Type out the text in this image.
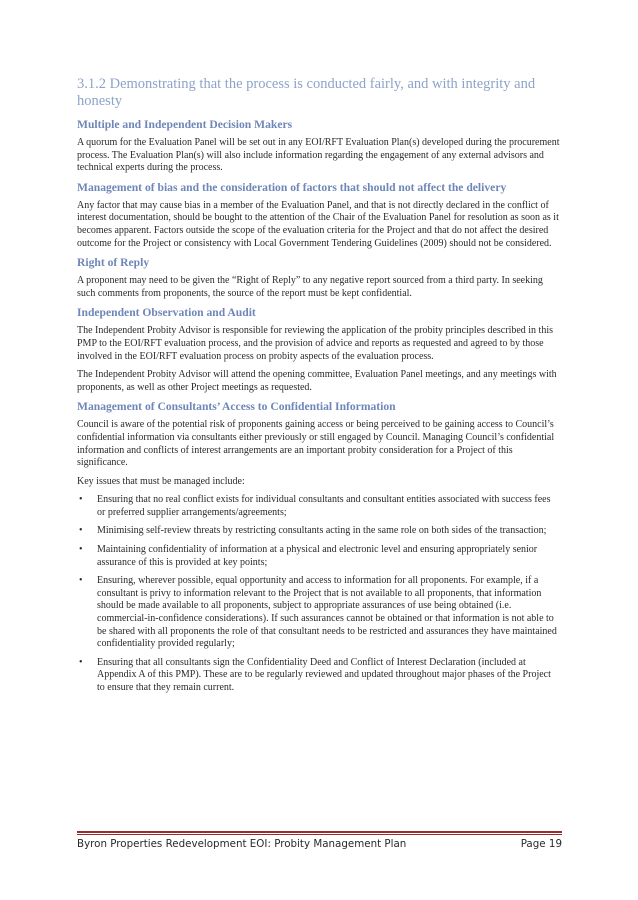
3.1.2 Demonstrating that the process is conducted fairly, and with integrity and honesty
Multiple and Independent Decision Makers

A quorum for the Evaluation Panel will be set out in any EOI/RFT Evaluation Plan(s) developed during the procurement process. The Evaluation Plan(s) will also include information regarding the engagement of any external advisors and technical experts during the process.

Management of bias and the consideration of factors that should not affect the delivery

Any factor that may cause bias in a member of the Evaluation Panel, and that is not directly declared in the conflict of interest documentation, should be bought to the attention of the Chair of the Evaluation Panel for resolution as soon as it becomes apparent. Factors outside the scope of the evaluation criteria for the Project and that do not affect the desired outcome for the Project or consistency with Local Government Tendering Guidelines (2009) should not be considered.

Right of Reply

A proponent may need to be given the “Right of Reply” to any negative report sourced from a third party. In seeking such comments from proponents, the source of the report must be kept confidential.

Independent Observation and Audit

The Independent Probity Advisor is responsible for reviewing the application of the probity principles described in this PMP to the EOI/RFT evaluation process, and the provision of advice and reports as requested and agreed to by those involved in the EOI/RFT evaluation process on probity aspects of the evaluation process.

The Independent Probity Advisor will attend the opening committee, Evaluation Panel meetings, and any meetings with proponents, as well as other Project meetings as requested.

Management of Consultants’ Access to Confidential Information

Council is aware of the potential risk of proponents gaining access or being perceived to be gaining access to Council’s confidential information via consultants either previously or still engaged by Council. Managing Council’s confidential information and conflicts of interest arrangements are an important probity consideration for a Project of this significance.

Key issues that must be managed include:

• Ensuring that no real conflict exists for individual consultants and consultant entities associated with success fees or preferred supplier arrangements/agreements;
• Minimising self-review threats by restricting consultants acting in the same role on both sides of the transaction;
• Maintaining confidentiality of information at a physical and electronic level and ensuring appropriately senior assurance of this is provided at key points;
• Ensuring, wherever possible, equal opportunity and access to information for all proponents. For example, if a consultant is privy to information relevant to the Project that is not available to all proponents, that information should be made available to all proponents, subject to appropriate assurances of use being obtained (i.e. commercial-in-confidence considerations). If such assurances cannot be obtained or that information is not able to be shared with all proponents the role of that consultant needs to be restricted and assurances they have maintained confidentiality provided regularly;
• Ensuring that all consultants sign the Confidentiality Deed and Conflict of Interest Declaration (included at Appendix A of this PMP). These are to be regularly reviewed and updated throughout major phases of the Project to ensure that they remain current.
Byron Properties Redevelopment EOI: Probity Management Plan	Page 19
